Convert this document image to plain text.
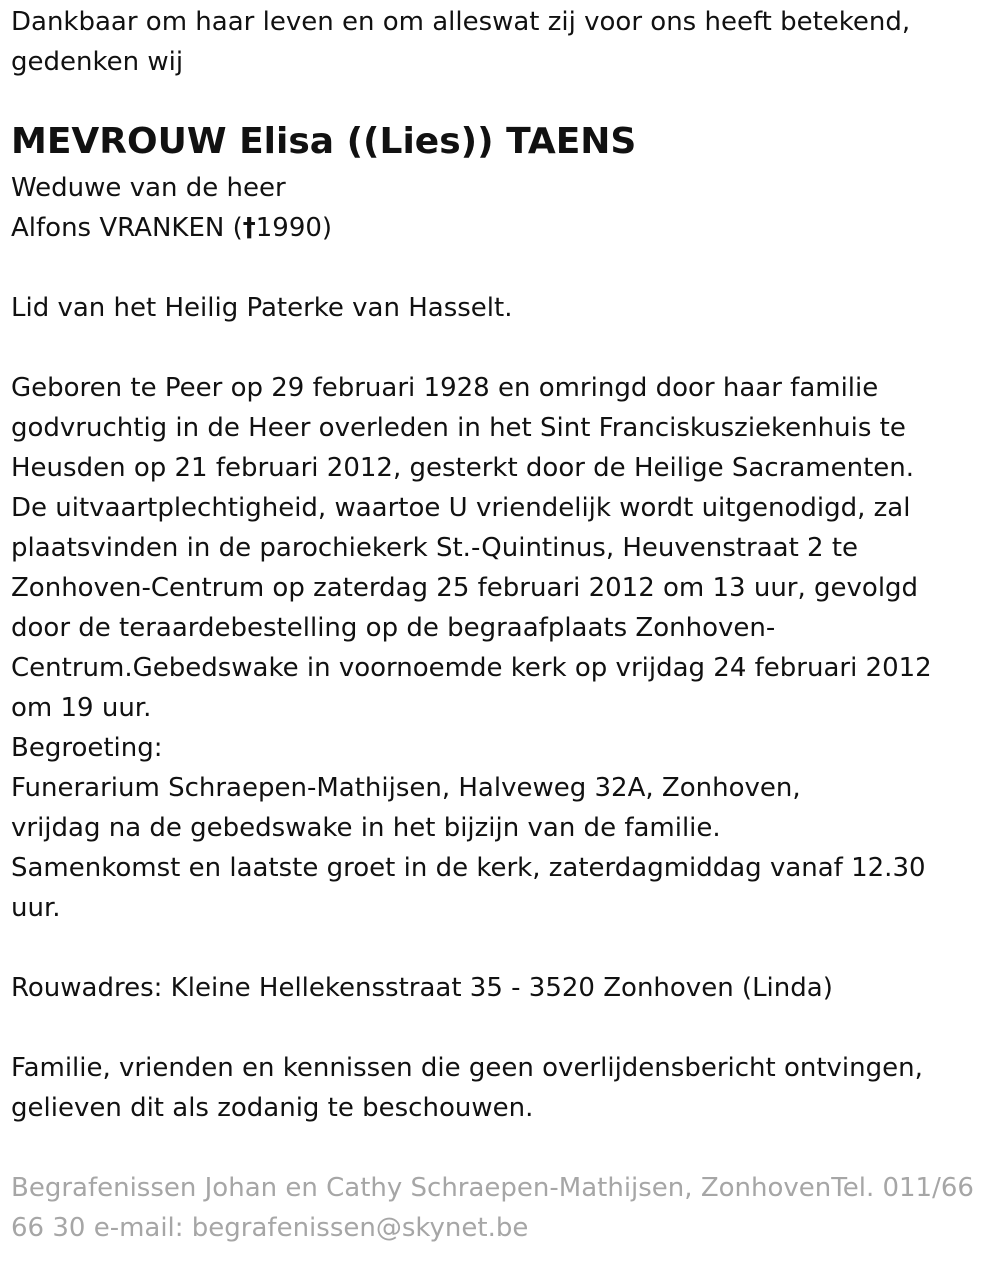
Dankbaar om haar leven en om alleswat zij voor ons heeft betekend,

gedenken wij

MEVROUW Elisa ((Lies)) TAENS

Weduwe van de heer

Alfons VRANKEN (†1990)

Lid van het Heilig Paterke van Hasselt.

Geboren te Peer op 29 februari 1928 en omringd door haar familie

godvruchtig in de Heer overleden in het Sint Franciskusziekenhuis te

Heusden op 21 februari 2012, gesterkt door de Heilige Sacramenten.

De uitvaartplechtigheid, waartoe U vriendelijk wordt uitgenodigd, zal

plaatsvinden in de parochiekerk St.-Quintinus, Heuvenstraat 2 te

Zonhoven-Centrum op zaterdag 25 februari 2012 om 13 uur, gevolgd

door de teraardebestelling op de begraafplaats Zonhoven-

Centrum.Gebedswake in voornoemde kerk op vrijdag 24 februari 2012

om 19 uur.

Begroeting:

Funerarium Schraepen-Mathijsen, Halveweg 32A, Zonhoven,

vrijdag na de gebedswake in het bijzijn van de familie.

Samenkomst en laatste groet in de kerk, zaterdagmiddag vanaf 12.30

uur.

Rouwadres: Kleine Hellekensstraat 35 - 3520 Zonhoven (Linda)

Familie, vrienden en kennissen die geen overlijdensbericht ontvingen,

gelieven dit als zodanig te beschouwen.

Begrafenissen Johan en Cathy Schraepen-Mathijsen, ZonhovenTel. 011/66

66 30 e-mail: begrafenissen@skynet.be
